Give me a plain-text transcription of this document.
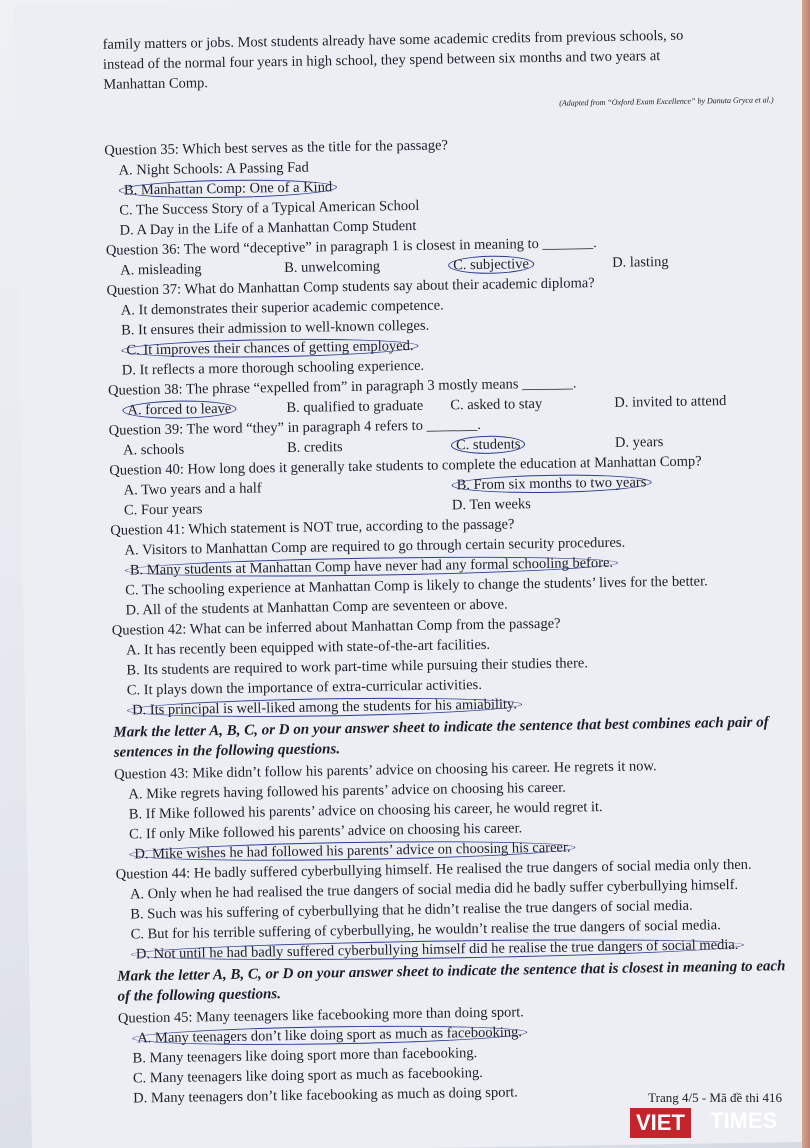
family matters or jobs. Most students already have some academic credits from previous schools, so

instead of the normal four years in high school, they spend between six months and two years at

Manhattan Comp.

(Adapted from “Oxford Exam Excellence” by Danuta Gryca et al.)

Question 35: Which best serves as the title for the passage?

A. Night Schools: A Passing Fad

B. Manhattan Comp: One of a Kind

C. The Success Story of a Typical American School

D. A Day in the Life of a Manhattan Comp Student

Question 36: The word “deceptive” in paragraph 1 is closest in meaning to _______.

A. misleading	B. unwelcoming	C. subjective	D. lasting

Question 37: What do Manhattan Comp students say about their academic diploma?

A. It demonstrates their superior academic competence.

B. It ensures their admission to well-known colleges.

C. It improves their chances of getting employed.

D. It reflects a more thorough schooling experience.

Question 38: The phrase “expelled from” in paragraph 3 mostly means _______.

A. forced to leave	B. qualified to graduate	C. asked to stay	D. invited to attend

Question 39: The word “they” in paragraph 4 refers to _______.

A. schools	B. credits	C. students	D. years

Question 40: How long does it generally take students to complete the education at Manhattan Comp?

A. Two years and a half	B. From six months to two years
C. Four years	D. Ten weeks

Question 41: Which statement is NOT true, according to the passage?

A. Visitors to Manhattan Comp are required to go through certain security procedures.

B. Many students at Manhattan Comp have never had any formal schooling before.

C. The schooling experience at Manhattan Comp is likely to change the students’ lives for the better.

D. All of the students at Manhattan Comp are seventeen or above.

Question 42: What can be inferred about Manhattan Comp from the passage?

A. It has recently been equipped with state-of-the-art facilities.

B. Its students are required to work part-time while pursuing their studies there.

C. It plays down the importance of extra-curricular activities.

D. Its principal is well-liked among the students for his amiability.

Mark the letter A, B, C, or D on your answer sheet to indicate the sentence that best combines each pair of sentences in the following questions.

Question 43: Mike didn’t follow his parents’ advice on choosing his career. He regrets it now.

A. Mike regrets having followed his parents’ advice on choosing his career.

B. If Mike followed his parents’ advice on choosing his career, he would regret it.

C. If only Mike followed his parents’ advice on choosing his career.

D. Mike wishes he had followed his parents’ advice on choosing his career.

Question 44: He badly suffered cyberbullying himself. He realised the true dangers of social media only then.

A. Only when he had realised the true dangers of social media did he badly suffer cyberbullying himself.

B. Such was his suffering of cyberbullying that he didn’t realise the true dangers of social media.

C. But for his terrible suffering of cyberbullying, he wouldn’t realise the true dangers of social media.

D. Not until he had badly suffered cyberbullying himself did he realise the true dangers of social media.

Mark the letter A, B, C, or D on your answer sheet to indicate the sentence that is closest in meaning to each of the following questions.

Question 45: Many teenagers like facebooking more than doing sport.

A. Many teenagers don’t like doing sport as much as facebooking.

B. Many teenagers like doing sport more than facebooking.

C. Many teenagers like doing sport as much as facebooking.

D. Many teenagers don’t like facebooking as much as doing sport.	Trang 4/5 - Mã đề thi 416
VIET TIMES
